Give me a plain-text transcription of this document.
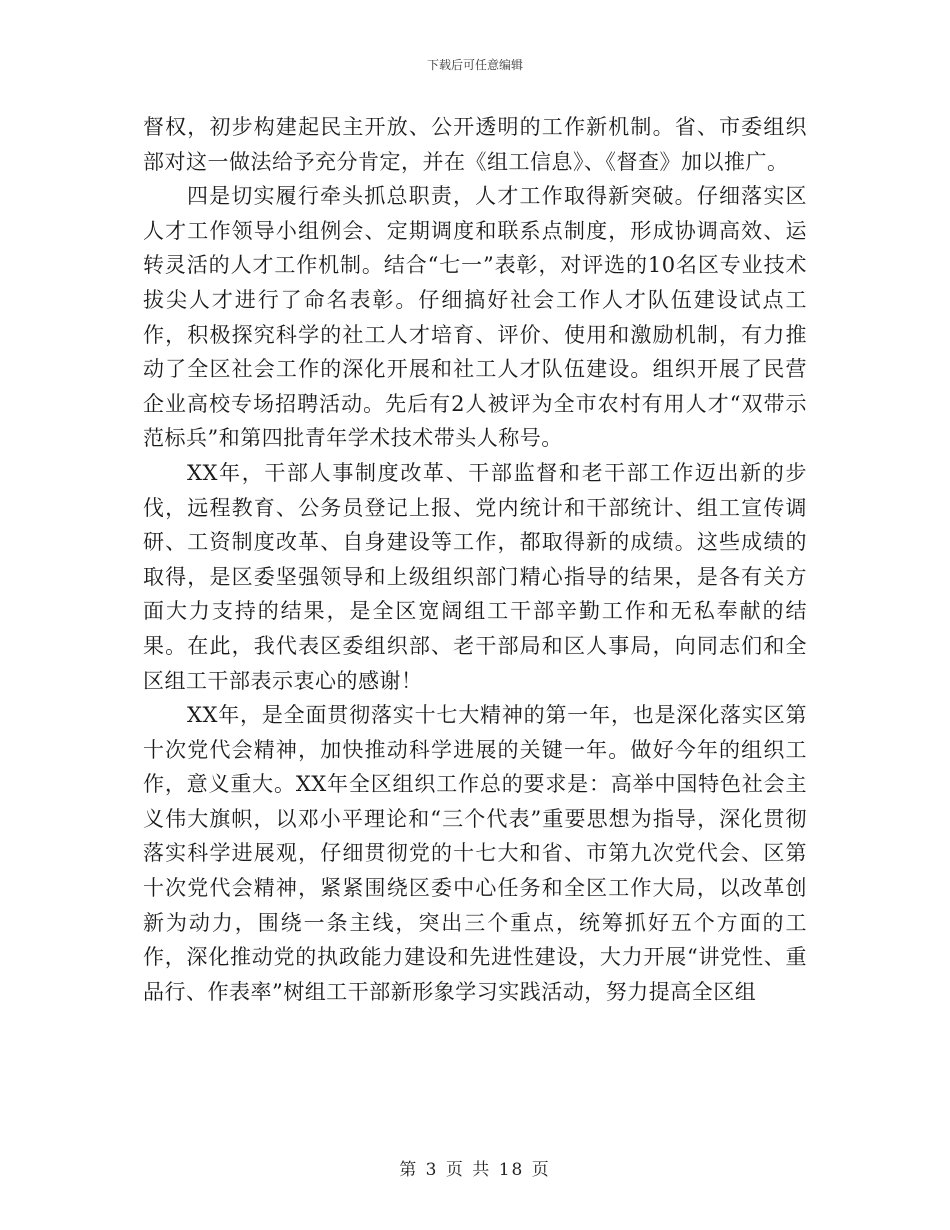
下载后可任意编辑

督权，初步构建起民主开放、公开透明的工作新机制。省、市委组织部对这一做法给予充分肯定，并在《组工信息》、《督查》加以推广。

四是切实履行牵头抓总职责，人才工作取得新突破。仔细落实区人才工作领导小组例会、定期调度和联系点制度，形成协调高效、运转灵活的人才工作机制。结合“七一”表彰，对评选的10名区专业技术拔尖人才进行了命名表彰。仔细搞好社会工作人才队伍建设试点工作，积极探究科学的社工人才培育、评价、使用和激励机制，有力推动了全区社会工作的深化开展和社工人才队伍建设。组织开展了民营企业高校专场招聘活动。先后有2人被评为全市农村有用人才“双带示范标兵”和第四批青年学术技术带头人称号。

XX年，干部人事制度改革、干部监督和老干部工作迈出新的步伐，远程教育、公务员登记上报、党内统计和干部统计、组工宣传调研、工资制度改革、自身建设等工作，都取得新的成绩。这些成绩的取得，是区委坚强领导和上级组织部门精心指导的结果，是各有关方面大力支持的结果，是全区宽阔组工干部辛勤工作和无私奉献的结果。在此，我代表区委组织部、老干部局和区人事局，向同志们和全区组工干部表示衷心的感谢！

XX年，是全面贯彻落实十七大精神的第一年，也是深化落实区第十次党代会精神，加快推动科学进展的关键一年。做好今年的组织工作，意义重大。XX年全区组织工作总的要求是：高举中国特色社会主义伟大旗帜，以邓小平理论和“三个代表”重要思想为指导，深化贯彻落实科学进展观，仔细贯彻党的十七大和省、市第九次党代会、区第十次党代会精神，紧紧围绕区委中心任务和全区工作大局，以改革创新为动力，围绕一条主线，突出三个重点，统筹抓好五个方面的工作，深化推动党的执政能力建设和先进性建设，大力开展“讲党性、重品行、作表率”树组工干部新形象学习实践活动，努力提高全区组

第 3 页 共 18 页
